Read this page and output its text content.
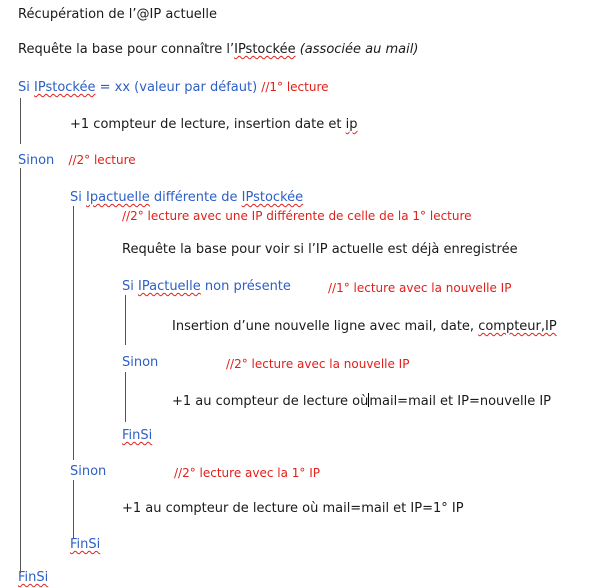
Récupération de l’@IP actuelle
Requête la base pour connaître l’IPstockée (associée au mail)
Si IPstockée = xx (valeur par défaut) //1° lecture
+1 compteur de lecture, insertion date et ip
Sinon //2° lecture
Si Ipactuelle différente de IPstockée
//2° lecture avec une IP différente de celle de la 1° lecture
Requête la base pour voir si l’IP actuelle est déjà enregistrée
Si IPactuelle non présente	//1° lecture avec la nouvelle IP
Insertion d’une nouvelle ligne avec mail, date, compteur,IP
Sinon	//2° lecture avec la nouvelle IP
+1 au compteur de lecture oùmail=mail et IP=nouvelle IP
FinSi
Sinon	//2° lecture avec la 1° IP
+1 au compteur de lecture où mail=mail et IP=1° IP
FinSi
FinSi
